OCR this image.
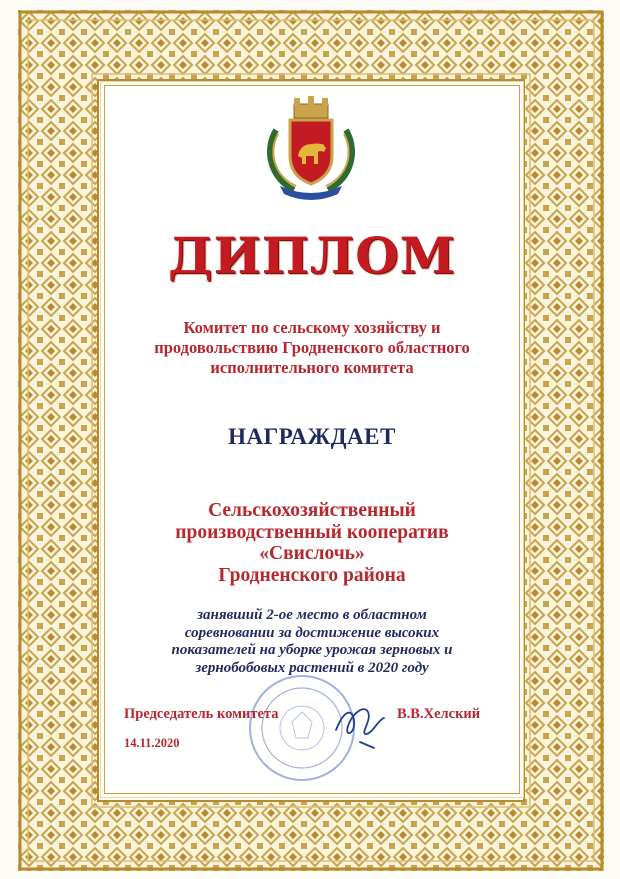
ДИПЛОМ
Комитет по сельскому хозяйству и
продовольствию Гродненского областного
исполнительного комитета
НАГРАЖДАЕТ
Сельскохозяйственный
производственный кооператив
«Свислочь»
Гродненского района
занявший 2-ое место в областном
соревновании за достижение высоких
показателей на уборке урожая зерновых и
зернобобовых растений в 2020 году

Председатель комитета	В.В.Хелский

14.11.2020
